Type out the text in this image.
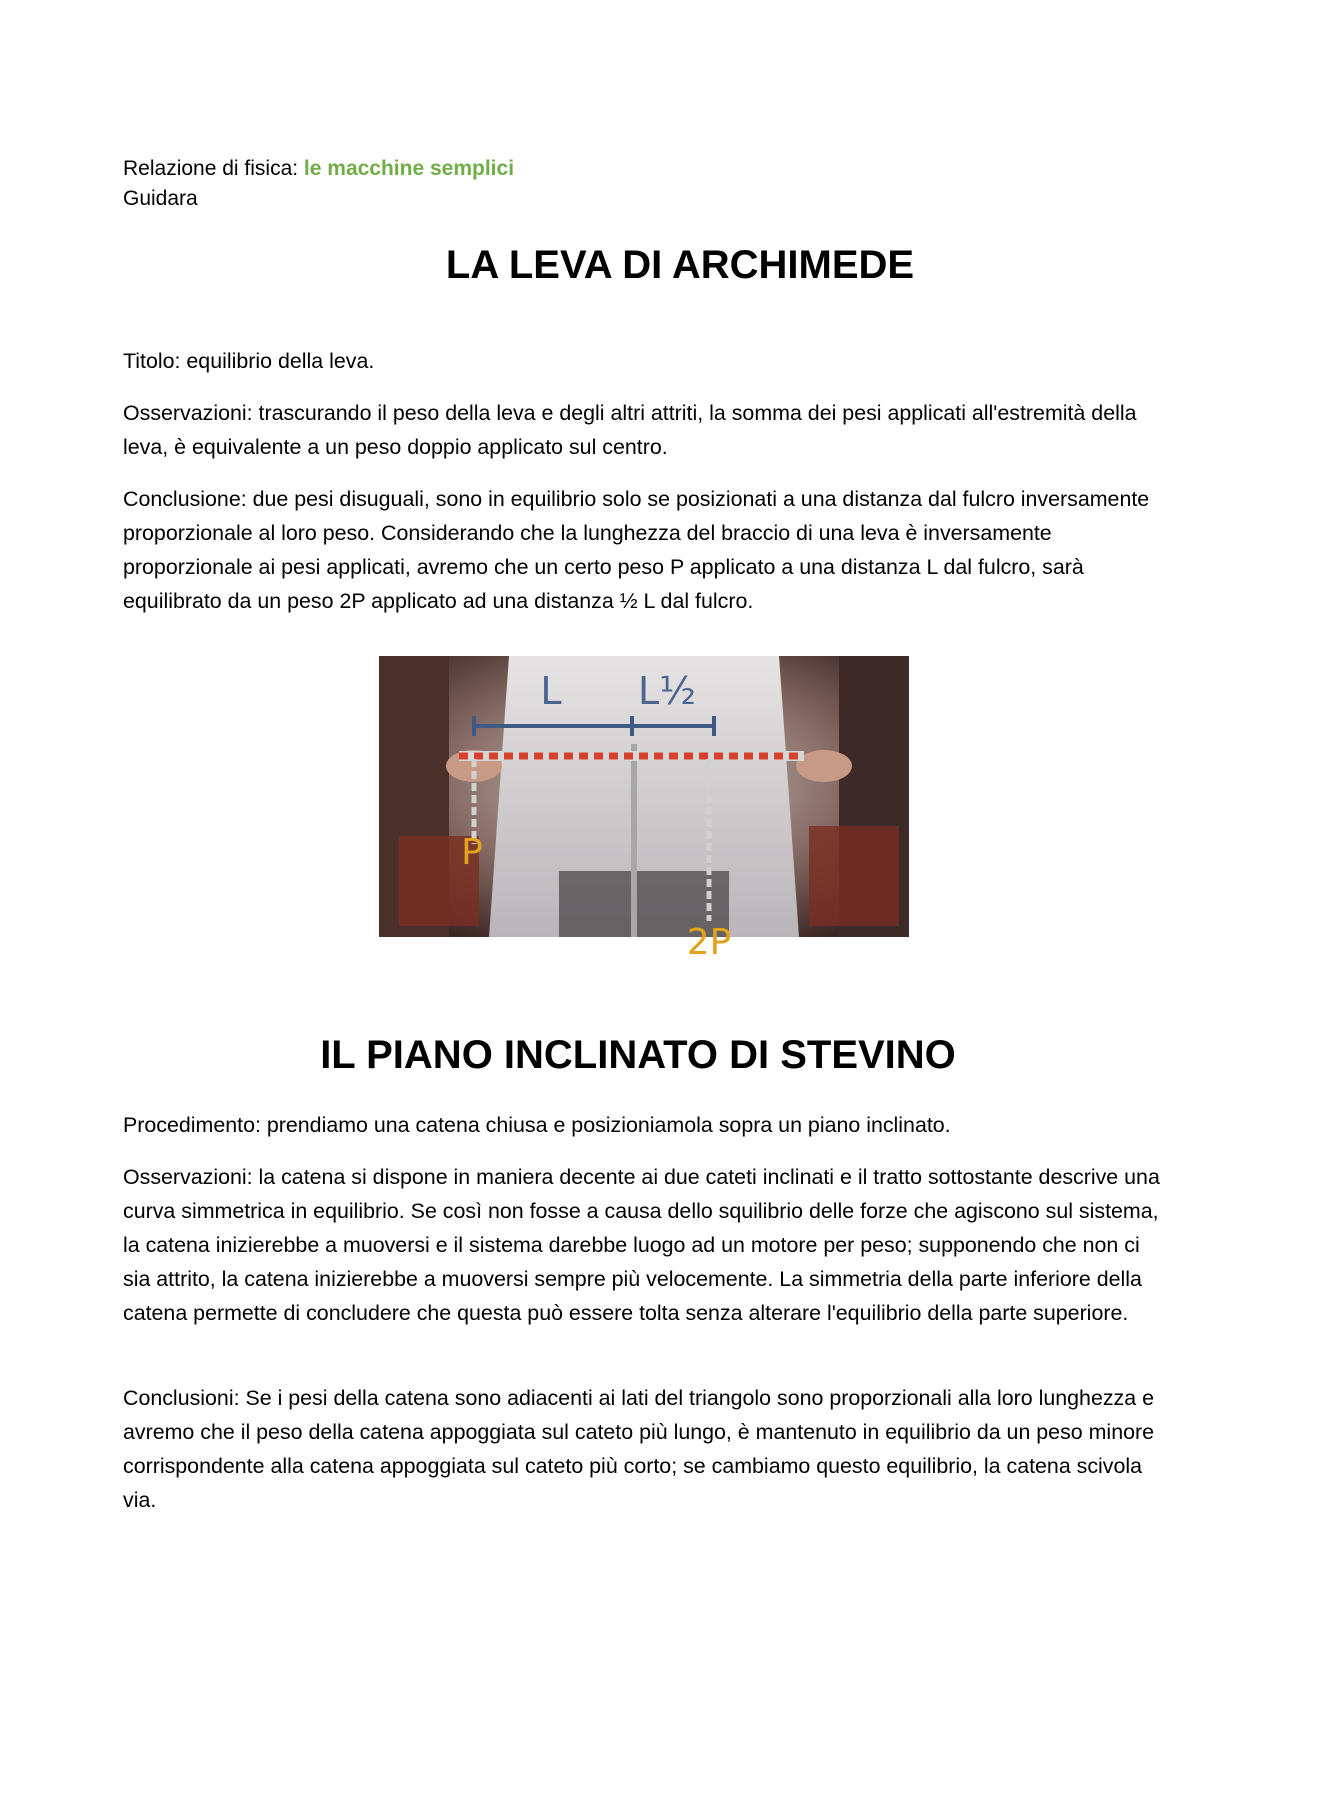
Relazione di fisica: le macchine semplici
Guidara
LA LEVA DI ARCHIMEDE

Titolo: equilibrio della leva.

Osservazioni: trascurando il peso della leva e degli altri attriti, la somma dei pesi applicati all'estremità della leva, è equivalente a un peso doppio applicato sul centro.

Conclusione: due pesi disuguali, sono in equilibrio solo se posizionati a una distanza dal fulcro inversamente proporzionale al loro peso. Considerando che la lunghezza del braccio di una leva è inversamente proporzionale ai pesi applicati, avremo che un certo peso P applicato a una distanza L dal fulcro, sarà equilibrato da un peso 2P applicato ad una distanza ½ L dal fulcro.

L L½
P
2P
IL PIANO INCLINATO DI STEVINO

Procedimento: prendiamo una catena chiusa e posizioniamola sopra un piano inclinato.

Osservazioni: la catena si dispone in maniera decente ai due cateti inclinati e il tratto sottostante descrive una curva simmetrica in equilibrio. Se così non fosse a causa dello squilibrio delle forze che agiscono sul sistema, la catena inizierebbe a muoversi e il sistema darebbe luogo ad un motore per peso; supponendo che non ci sia attrito, la catena inizierebbe a muoversi sempre più velocemente. La simmetria della parte inferiore della catena permette di concludere che questa può essere tolta senza alterare l'equilibrio della parte superiore.

Conclusioni: Se i pesi della catena sono adiacenti ai lati del triangolo sono proporzionali alla loro lunghezza e avremo che il peso della catena appoggiata sul cateto più lungo, è mantenuto in equilibrio da un peso minore corrispondente alla catena appoggiata sul cateto più corto; se cambiamo questo equilibrio, la catena scivola via.
